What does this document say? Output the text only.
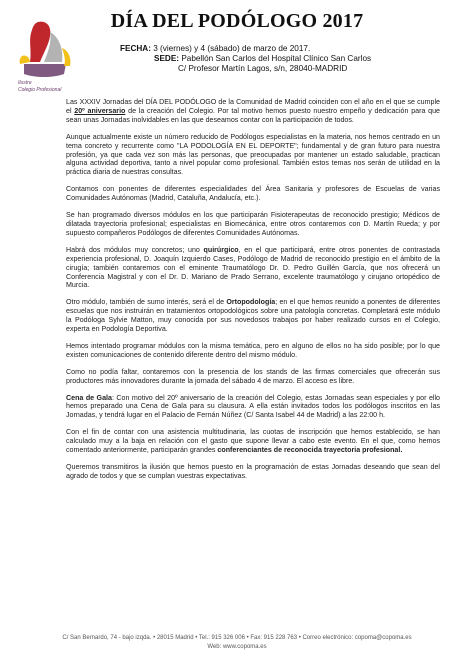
Ilustre
Colegio Profesional
DÍA DEL PODÓLOGO 2017
FECHA: 3 (viernes) y 4 (sábado) de marzo de 2017.
SEDE: Pabellón San Carlos del Hospital Clínico San Carlos
C/ Profesor Martín Lagos, s/n, 28040-MADRID

Las XXXIV Jornadas del DÍA DEL PODÓLOGO de la Comunidad de Madrid coinciden con el año en el que se cumple el 20º aniversario de la creación del Colegio. Por tal motivo hemos puesto nuestro empeño y dedicación para que sean unas Jornadas inolvidables en las que deseamos contar con la participación de todos.

Aunque actualmente existe un número reducido de Podólogos especialistas en la materia, nos hemos centrado en un tema concreto y recurrente como "LA PODOLOGÍA EN EL DEPORTE"; fundamental y de gran futuro para nuestra profesión, ya que cada vez son más las personas, que preocupadas por mantener un estado saludable, practican alguna actividad deportiva, tanto a nivel popular como profesional. También estos temas nos serán de utilidad en la práctica diaria de nuestras consultas.

Contamos con ponentes de diferentes especialidades del Área Sanitaria y profesores de Escuelas de varias Comunidades Autónomas (Madrid, Cataluña, Andalucía, etc.).

Se han programado diversos módulos en los que participarán Fisioterapeutas de reconocido prestigio; Médicos de dilatada trayectoria profesional; especialistas en Biomecánica, entre otros contaremos con D. Martín Rueda; y por supuesto compañeros Podólogos de diferentes Comunidades Autónomas.

Habrá dos módulos muy concretos; uno quirúrgico, en el que participará, entre otros ponentes de contrastada experiencia profesional, D. Joaquín Izquierdo Cases, Podólogo de Madrid de reconocido prestigio en el ámbito de la cirugía; también contaremos con el eminente Traumatólogo Dr. D. Pedro Guillén García, que nos ofrecerá un Conferencia Magistral y con el Dr. D. Mariano de Prado Serrano, excelente traumatólogo y cirujano ortopédico de Murcia.

Otro módulo, también de sumo interés, será el de Ortopodología; en el que hemos reunido a ponentes de diferentes escuelas que nos instruirán en tratamientos ortopodológicos sobre una patología concretas. Completará este módulo la Podóloga Sylvie Matton, muy conocida por sus novedosos trabajos por haber realizado cursos en el Colegio, experta en Podología Deportiva.

Hemos intentado programar módulos con la misma temática, pero en alguno de ellos no ha sido posible; por lo que existen comunicaciones de contenido diferente dentro del mismo módulo.

Como no podía faltar, contaremos con la presencia de los stands de las firmas comerciales que ofrecerán sus productores más innovadores durante la jornada del sábado 4 de marzo. El acceso es libre.

Cena de Gala: Con motivo del 20º aniversario de la creación del Colegio, estas Jornadas sean especiales y por ello hemos preparado una Cena de Gala para su clausura. A ella están invitados todos los podólogos inscritos en las Jornadas, y tendrá lugar en el Palacio de Fernán Núñez (C/ Santa Isabel 44 de Madrid) a las 22:00 h.

Con el fin de contar con una asistencia multitudinaria, las cuotas de inscripción que hemos establecido, se han calculado muy a la baja en relación con el gasto que supone llevar a cabo este evento. En el que, como hemos comentado anteriormente, participarán grandes conferenciantes de reconocida trayectoria profesional.

Queremos transmitiros la ilusión que hemos puesto en la programación de estas Jornadas deseando que sean del agrado de todos y que se cumplan vuestras expectativas.

C/ San Bernardo, 74 - bajo izqda. • 28015 Madrid • Tel.: 915 326 006 • Fax: 915 228 763 • Correo electrónico: copoma@copoma.es
Web: www.copoma.es
